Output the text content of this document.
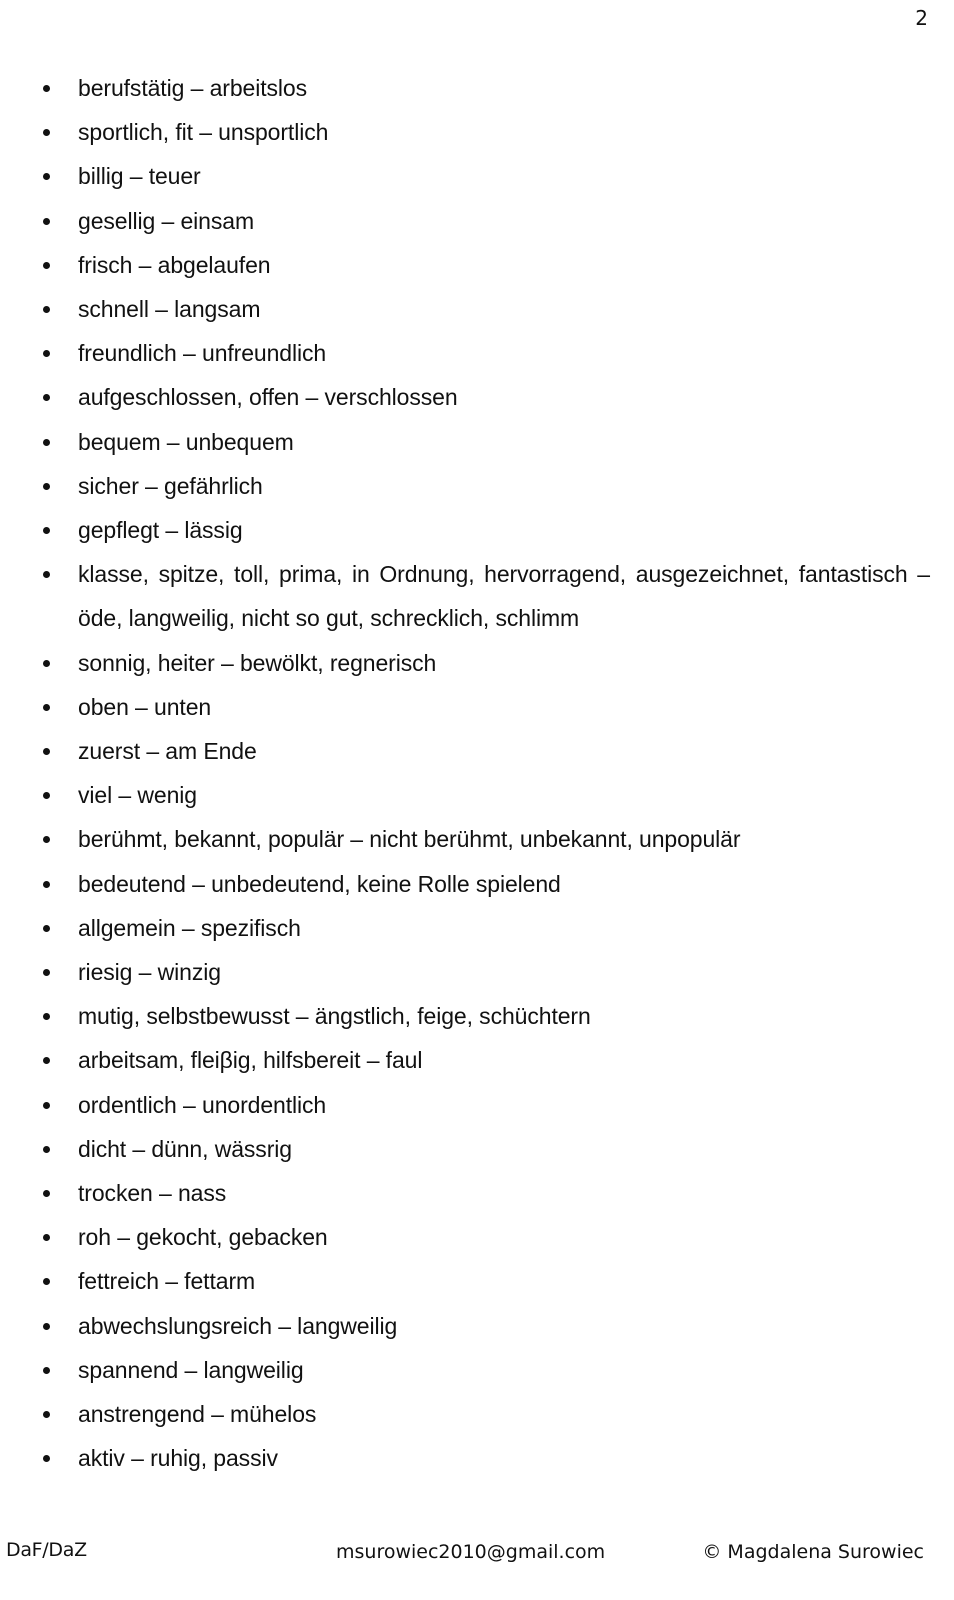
2
berufstätig – arbeitslos
sportlich, fit – unsportlich
billig – teuer
gesellig – einsam
frisch – abgelaufen
schnell – langsam
freundlich – unfreundlich
aufgeschlossen, offen – verschlossen
bequem – unbequem
sicher – gefährlich
gepflegt – lässig
klasse, spitze, toll, prima, in Ordnung, hervorragend, ausgezeichnet, fantastisch – öde, langweilig, nicht so gut, schrecklich, schlimm
sonnig, heiter – bewölkt, regnerisch
oben – unten
zuerst – am Ende
viel – wenig
berühmt, bekannt, populär – nicht berühmt, unbekannt, unpopulär
bedeutend – unbedeutend, keine Rolle spielend
allgemein – spezifisch
riesig – winzig
mutig, selbstbewusst – ängstlich, feige, schüchtern
arbeitsam, fleiβig, hilfsbereit – faul
ordentlich – unordentlich
dicht – dünn, wässrig
trocken – nass
roh – gekocht, gebacken
fettreich – fettarm
abwechslungsreich – langweilig
spannend – langweilig
anstrengend – mühelos
aktiv – ruhig, passiv
DaF/DaZ	msurowiec2010@gmail.com	© Magdalena Surowiec
